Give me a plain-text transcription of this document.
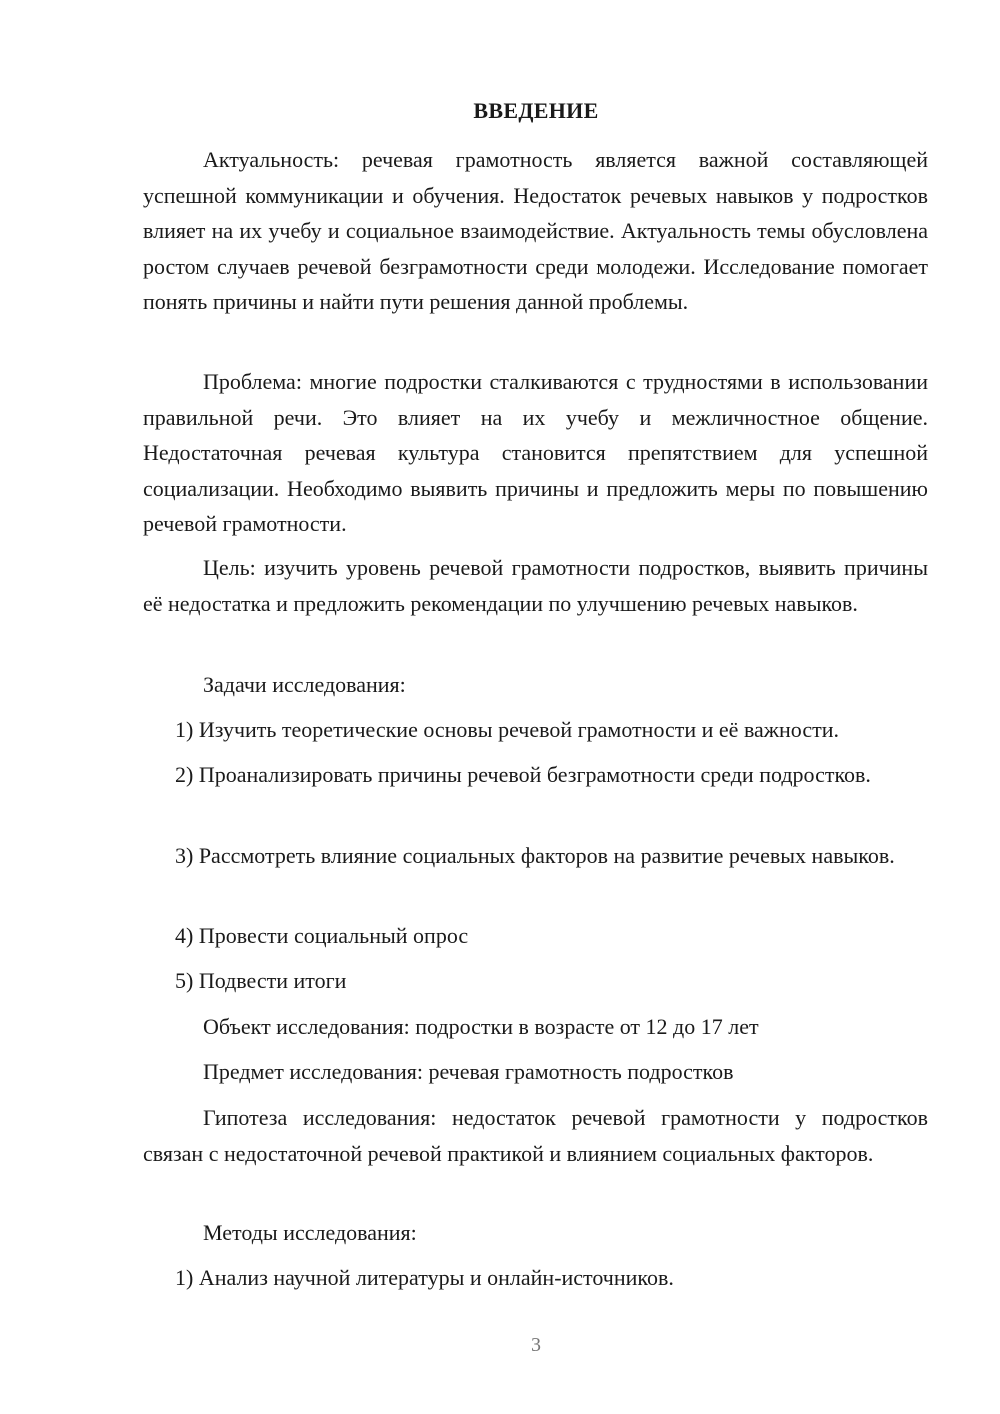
ВВЕДЕНИЕ
Актуальность: речевая грамотность является важной составляющей успешной коммуникации и обучения. Недостаток речевых навыков у подростков влияет на их учебу и социальное взаимодействие. Актуальность темы обусловлена ростом случаев речевой безграмотности среди молодежи. Исследование помогает понять причины и найти пути решения данной проблемы.
Проблема: многие подростки сталкиваются с трудностями в использовании правильной речи. Это влияет на их учебу и межличностное общение. Недостаточная речевая культура становится препятствием для успешной социализации. Необходимо выявить причины и предложить меры по повышению речевой грамотности.
Цель: изучить уровень речевой грамотности подростков, выявить причины её недостатка и предложить рекомендации по улучшению речевых навыков.
Задачи исследования:
1) Изучить теоретические основы речевой грамотности и её важности.
2) Проанализировать причины речевой безграмотности среди подростков.
3) Рассмотреть влияние социальных факторов на развитие речевых навыков.
4) Провести социальный опрос
5) Подвести итоги
Объект исследования: подростки в возрасте от 12 до 17 лет
Предмет исследования: речевая грамотность подростков
Гипотеза исследования: недостаток речевой грамотности у подростков связан с недостаточной речевой практикой и влиянием социальных факторов.
Методы исследования:
1) Анализ научной литературы и онлайн-источников.
3
